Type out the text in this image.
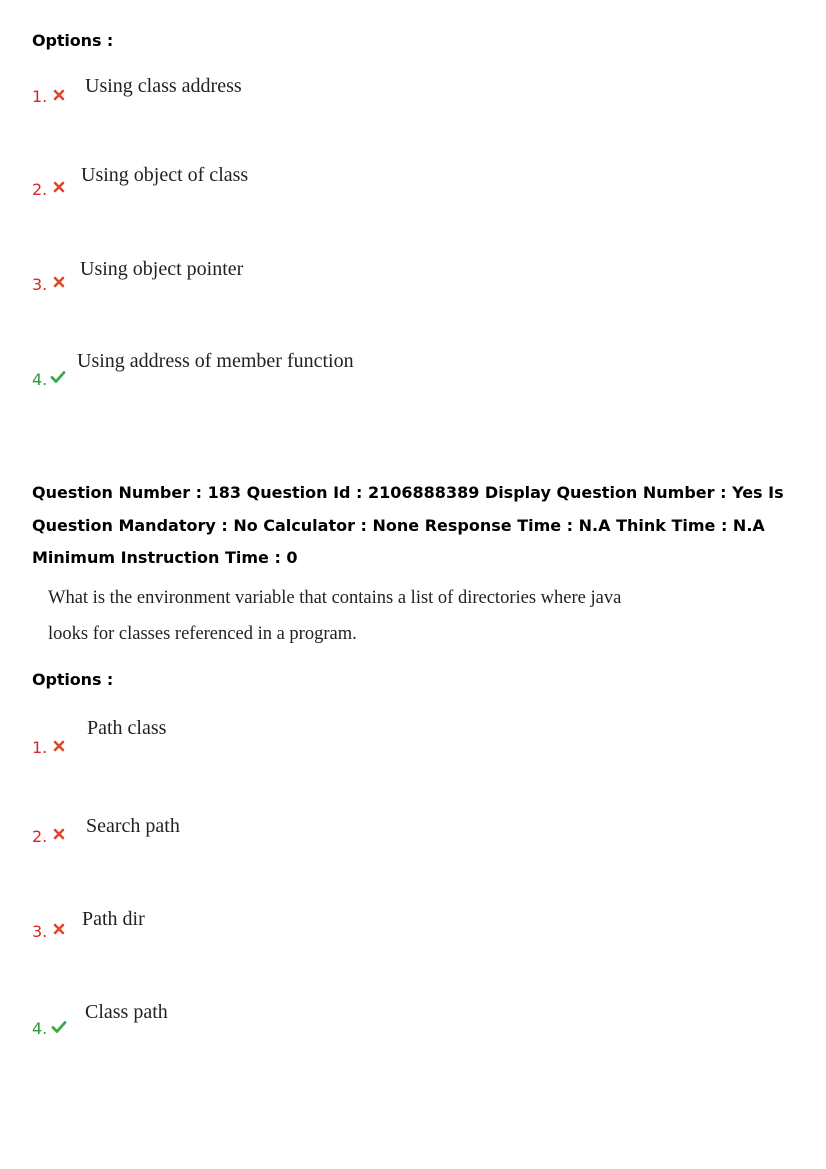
Options :
1. Using class address
2.
Using object of class
3.
Using object pointer
4.
Using address of member function
Question Number : 183 Question Id : 2106888389 Display Question Number : Yes Is Question Mandatory : No Calculator : None Response Time : N.A Think Time : N.A Minimum Instruction Time : 0
What is the environment variable that contains a list of directories where java
looks for classes referenced in a program.
Options :
1.
Path class
2. Search path
3.
Path dir
4.
Class path
